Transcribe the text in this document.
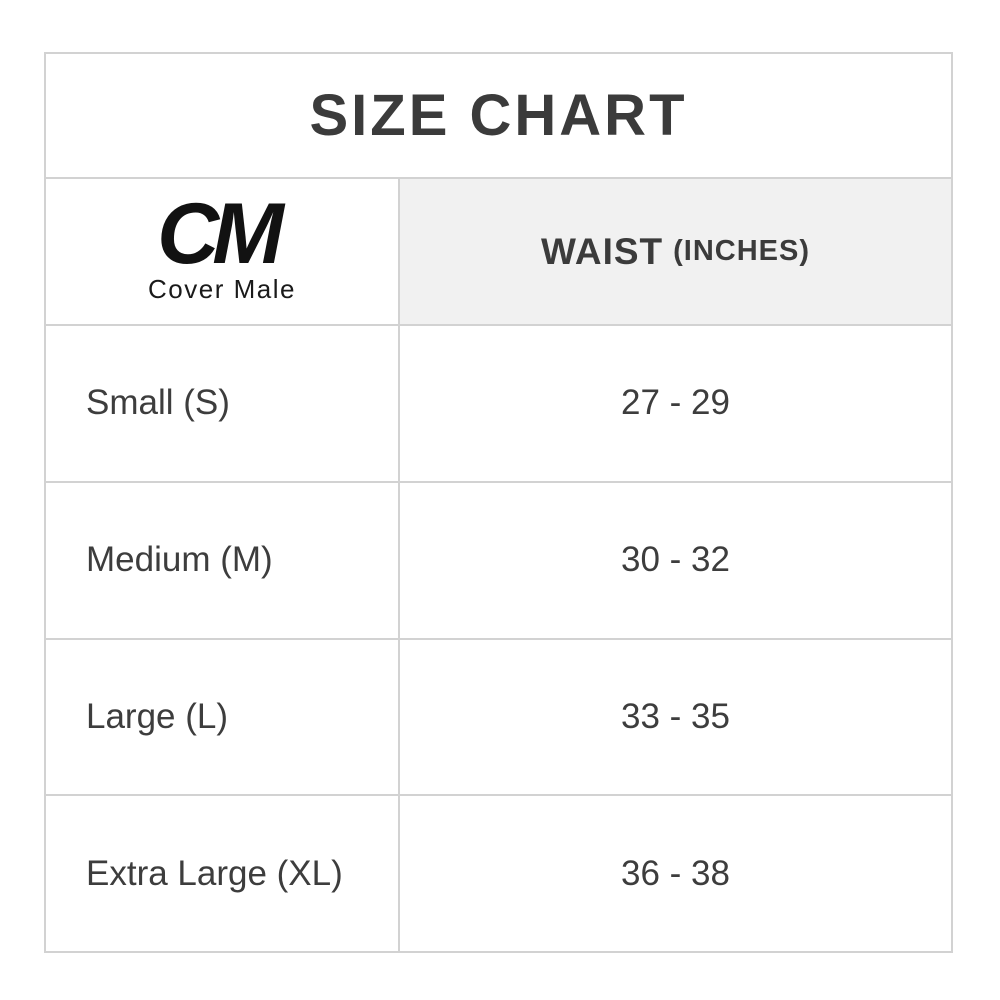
SIZE CHART
CM
Cover Male
WAIST (INCHES)
Small (S)	27 - 29
Medium (M)	30 - 32
Large (L)	33 - 35
Extra Large (XL)	36 - 38
